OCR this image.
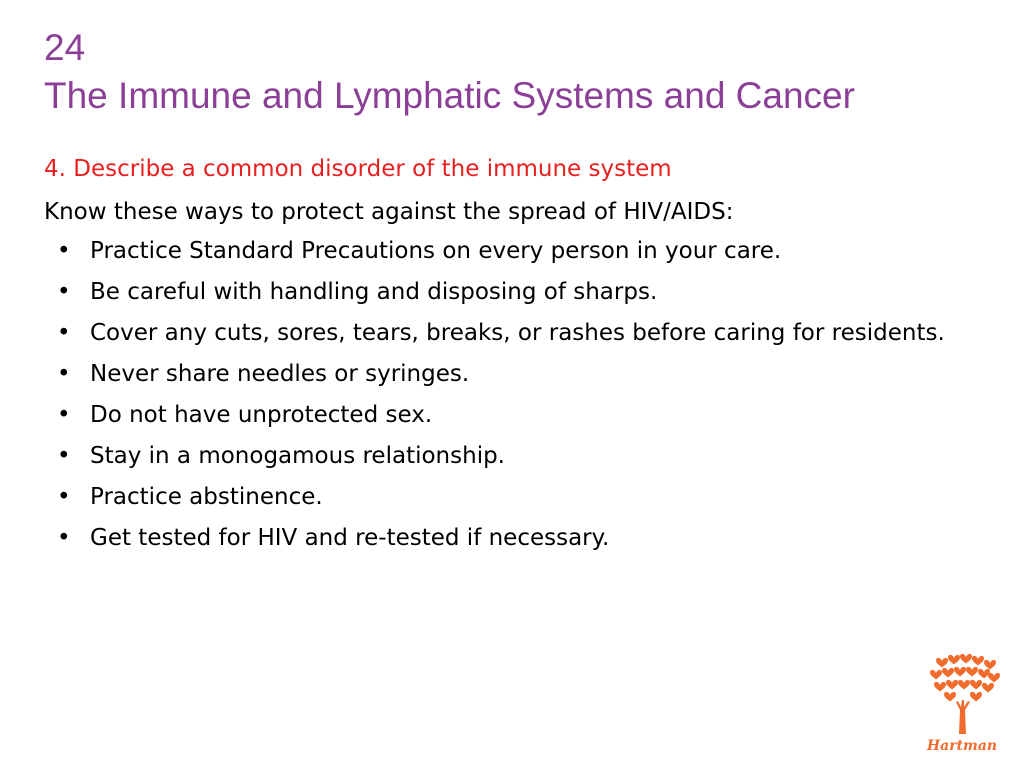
24
The Immune and Lymphatic Systems and Cancer
4. Describe a common disorder of the immune system
Know these ways to protect against the spread of HIV/AIDS:
• Practice Standard Precautions on every person in your care.
• Be careful with handling and disposing of sharps.
• Cover any cuts, sores, tears, breaks, or rashes before caring for residents.
• Never share needles or syringes.
• Do not have unprotected sex.
• Stay in a monogamous relationship.
• Practice abstinence.
• Get tested for HIV and re-tested if necessary.
Hartman
